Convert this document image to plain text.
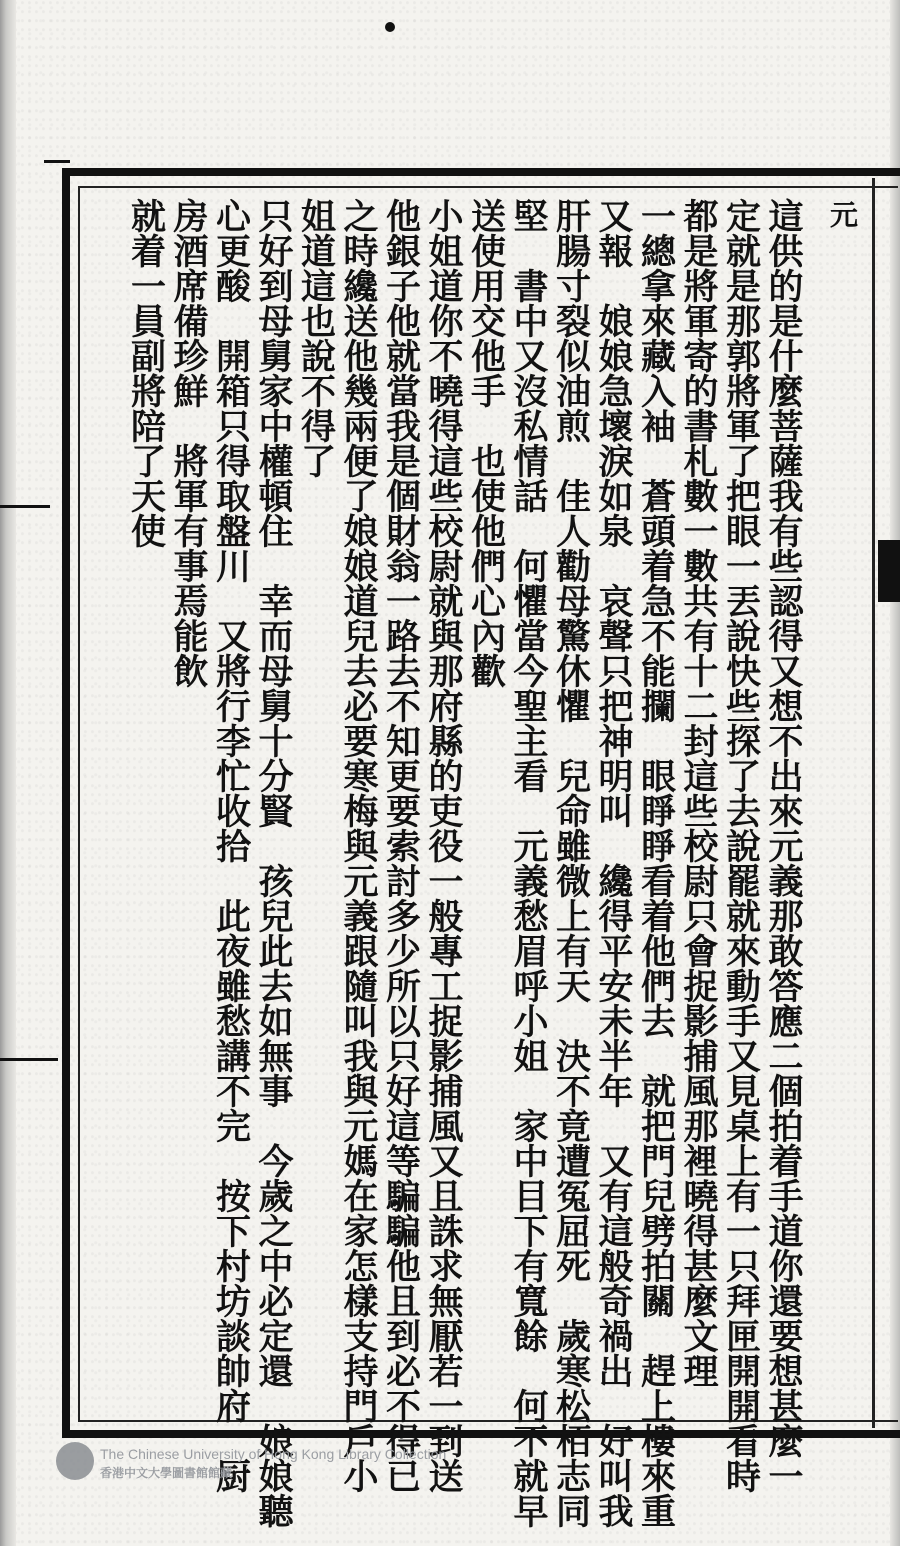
元
這供的是什麼菩薩我有些認得又想不出來元義那敢答應二個拍着手道你還要想甚麼一
定就是那郭將軍了把眼一丟說快些探了去說罷就來動手又見桌上有一只拜匣開開看時
都是將軍寄的書札數一數共有十二封這些校尉只會捉影捕風那裡曉得甚麼文理
一總拿來藏入袖　蒼頭着急不能攔　眼睜睜看着他們去　就把門兒劈拍關　趕上樓來重
又報　娘娘急壞淚如泉　哀聲只把神明叫　纔得平安未半年　又有這般奇禍出　好叫我
肝腸寸裂似油煎　佳人勸母驚休懼　兒命雖微上有天　決不竟遭冤屈死　歲寒松栢志同
堅　書中又沒私情話　何懼當今聖主看　元義愁眉呼小姐　家中目下有寬餘　何不就早
送使用交他手　也使他們心內歡
小姐道你不曉得這些校尉就與那府縣的吏役一般專工捉影捕風又且誅求無厭若一到送
他銀子他就當我是個財翁一路去不知更要索討多少所以只好這等騙騙他且到必不得已
之時纔送他幾兩便了娘娘道兒去必要寒梅與元義跟隨叫我與元媽在家怎樣支持門戶小
姐道這也說不得了
只好到母舅家中權頓住　幸而母舅十分賢　孩兒此去如無事　今歲之中必定還　娘娘聽
心更酸　開箱只得取盤川　又將行李忙收拾　此夜雖愁講不完　按下村坊談帥府　厨
房酒席備珍鮮　將軍有事焉能飲
就着一員副將陪了天使
The Chinese University of Hong Kong Library Collection
香港中文大學圖書館館藏
